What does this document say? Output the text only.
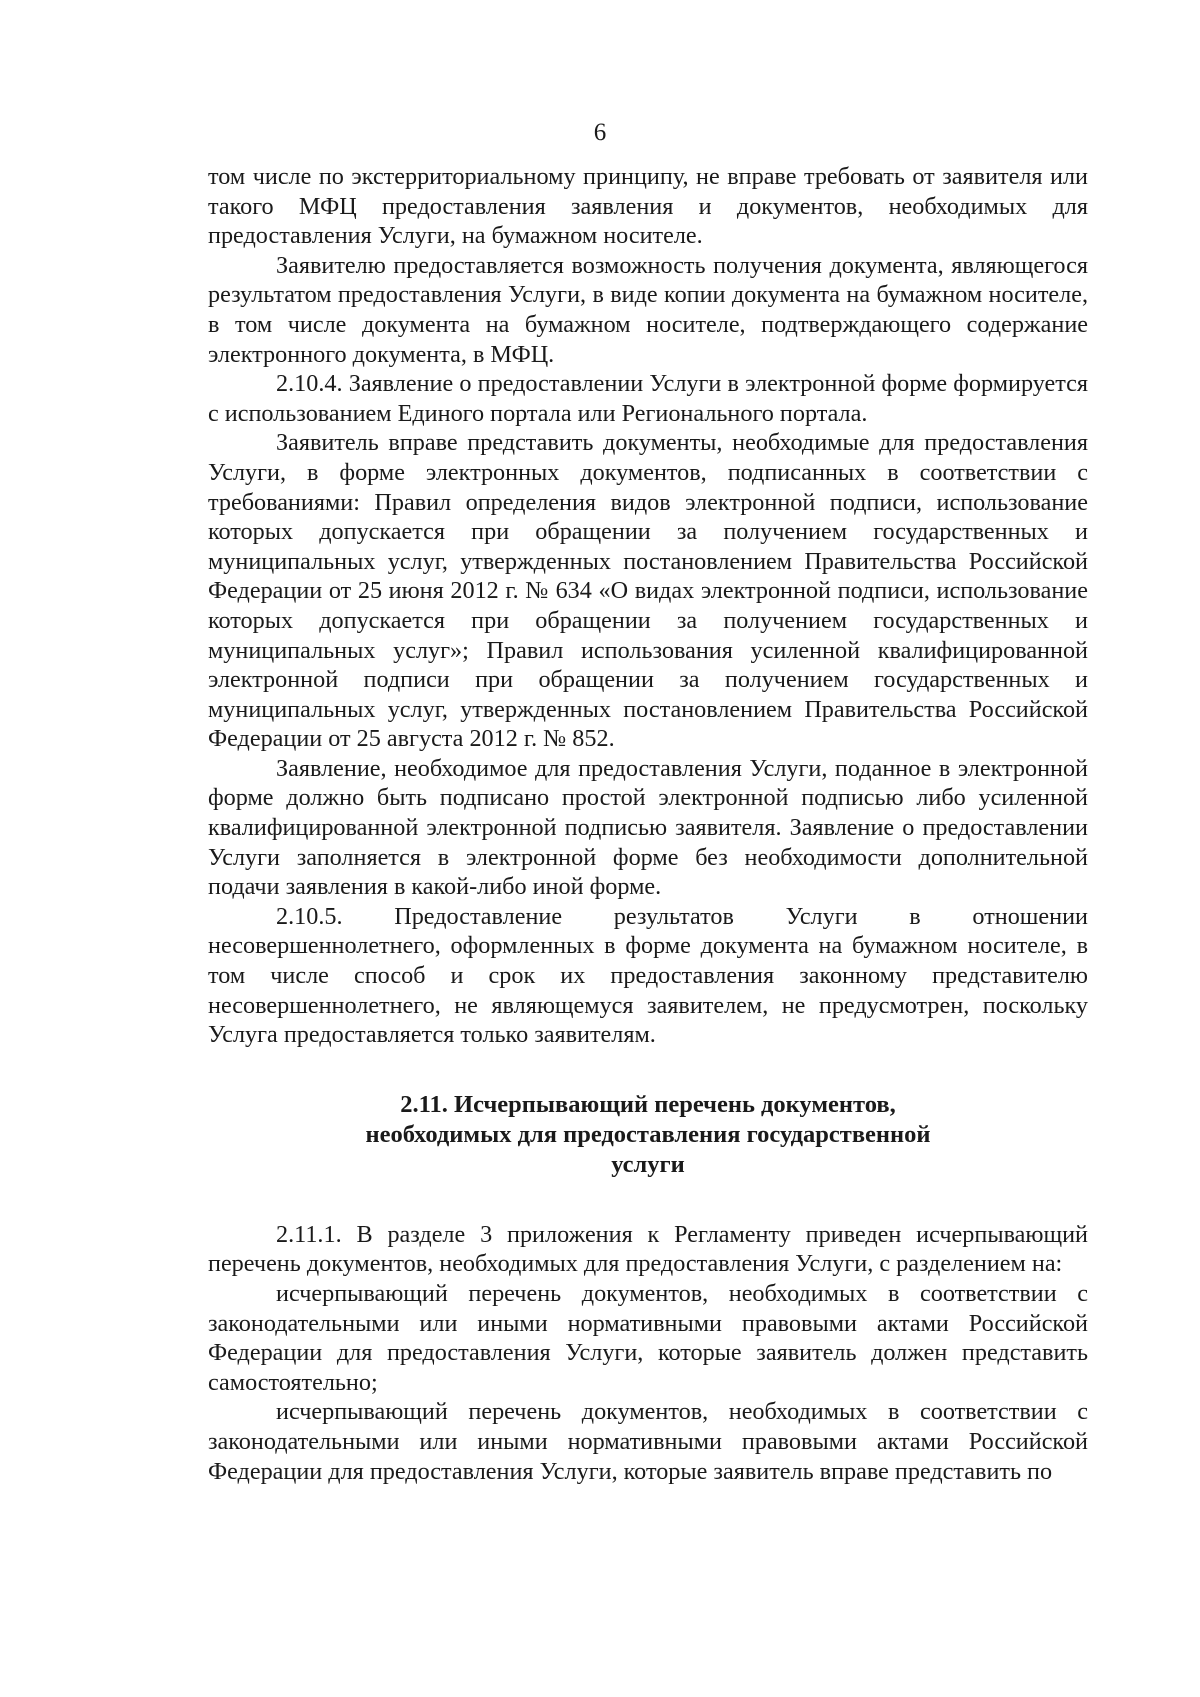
6

том числе по экстерриториальному принципу, не вправе требовать от заявителя или такого МФЦ предоставления заявления и документов, необходимых для предоставления Услуги, на бумажном носителе.

Заявителю предоставляется возможность получения документа, являющегося результатом предоставления Услуги, в виде копии документа на бумажном носителе, в том числе документа на бумажном носителе, подтверждающего содержание электронного документа, в МФЦ.

2.10.4. Заявление о предоставлении Услуги в электронной форме формируется с использованием Единого портала или Регионального портала.

Заявитель вправе представить документы, необходимые для предоставления Услуги, в форме электронных документов, подписанных в соответствии с требованиями: Правил определения видов электронной подписи, использование которых допускается при обращении за получением государственных и муниципальных услуг, утвержденных постановлением Правительства Российской Федерации от 25 июня 2012 г. № 634 «О видах электронной подписи, использование которых допускается при обращении за получением государственных и муниципальных услуг»; Правил использования усиленной квалифицированной электронной подписи при обращении за получением государственных и муниципальных услуг, утвержденных постановлением Правительства Российской Федерации от 25 августа 2012 г. № 852.

Заявление, необходимое для предоставления Услуги, поданное в электронной форме должно быть подписано простой электронной подписью либо усиленной квалифицированной электронной подписью заявителя. Заявление о предоставлении Услуги заполняется в электронной форме без необходимости дополнительной подачи заявления в какой-либо иной форме.

2.10.5. Предоставление результатов Услуги в отношении несовершеннолетнего, оформленных в форме документа на бумажном носителе, в том числе способ и срок их предоставления законному представителю несовершеннолетнего, не являющемуся заявителем, не предусмотрен, поскольку Услуга предоставляется только заявителям.

2.11. Исчерпывающий перечень документов,
необходимых для предоставления государственной
услуги

2.11.1. В разделе 3 приложения к Регламенту приведен исчерпывающий перечень документов, необходимых для предоставления Услуги, с разделением на:

исчерпывающий перечень документов, необходимых в соответствии с законодательными или иными нормативными правовыми актами Российской Федерации для предоставления Услуги, которые заявитель должен представить самостоятельно;

исчерпывающий перечень документов, необходимых в соответствии с законодательными или иными нормативными правовыми актами Российской Федерации для предоставления Услуги, которые заявитель вправе представить по
